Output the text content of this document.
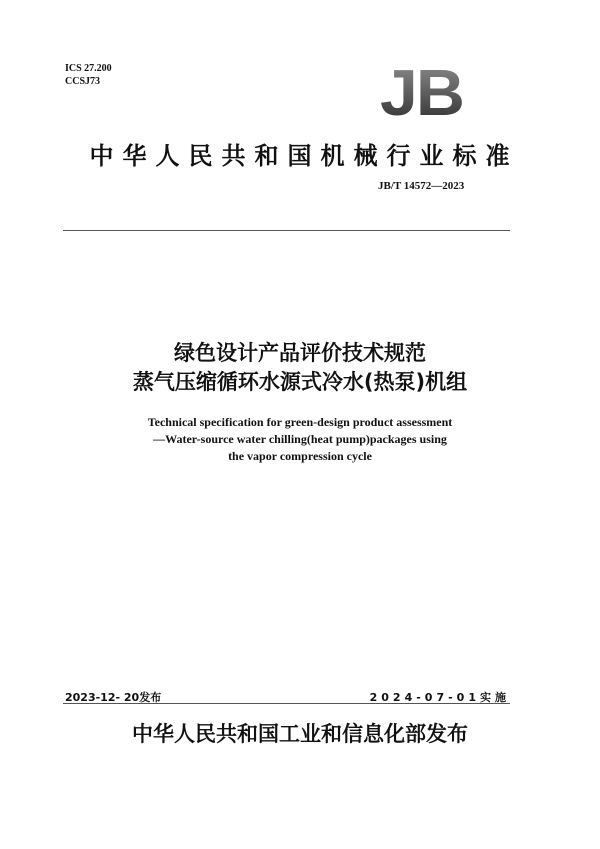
ICS 27.200
CCSJ73	JB
中华人民共和国机械行业标准
JB/T 14572—2023
绿色设计产品评价技术规范
蒸气压缩循环水源式冷水(热泵)机组
Technical specification for green-design product assessment
—Water-source water chilling(heat pump)packages using
the vapor compression cycle
2023-12- 20发布	2024-07-01实施
中华人民共和国工业和信息化部发布
